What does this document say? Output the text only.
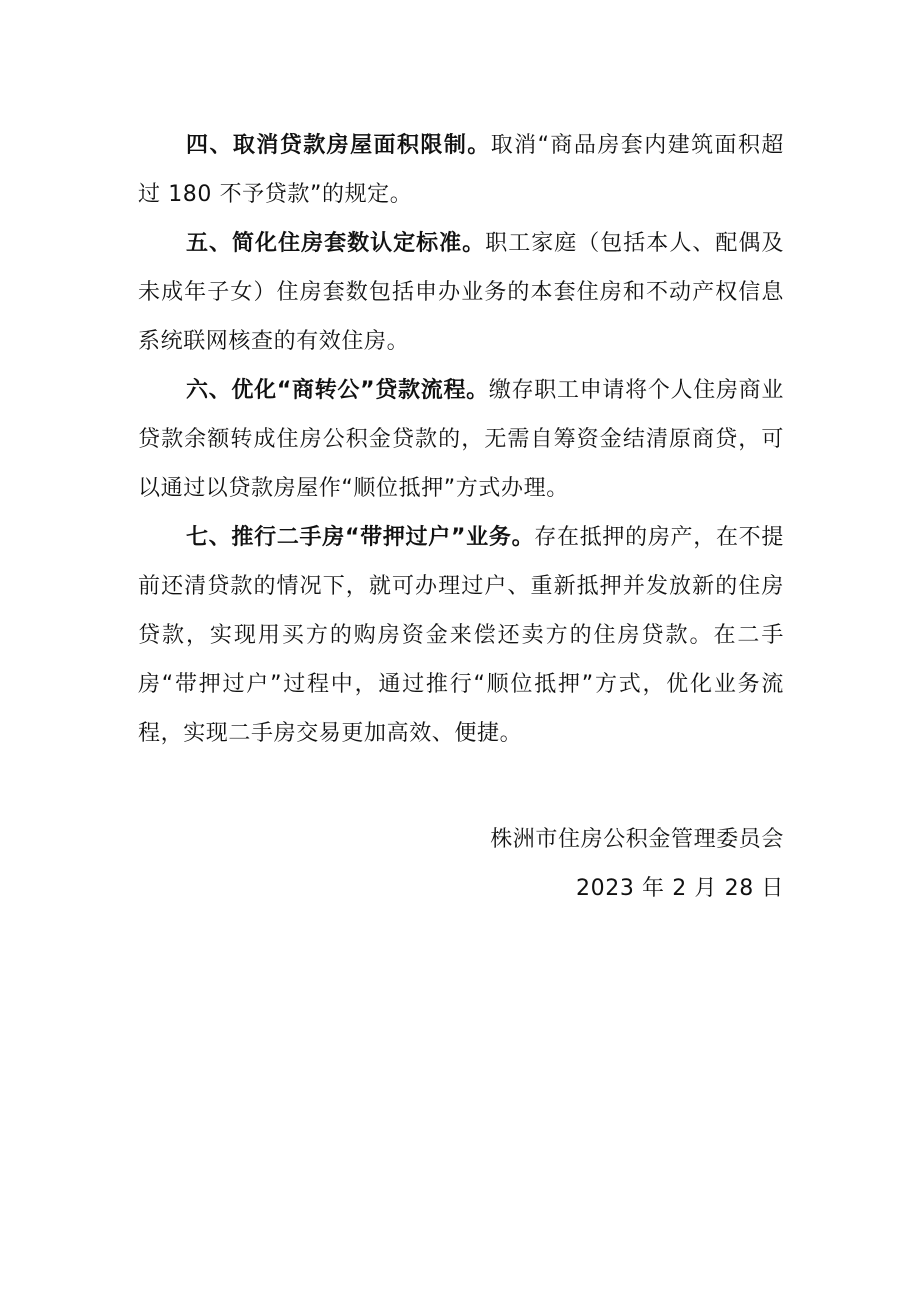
四、取消贷款房屋面积限制。取消“商品房套内建筑面积超过 180 不予贷款”的规定。

五、简化住房套数认定标准。职工家庭（包括本人、配偶及未成年子女）住房套数包括申办业务的本套住房和不动产权信息系统联网核查的有效住房。

六、优化“商转公”贷款流程。缴存职工申请将个人住房商业贷款余额转成住房公积金贷款的，无需自筹资金结清原商贷，可以通过以贷款房屋作“顺位抵押”方式办理。

七、推行二手房“带押过户”业务。存在抵押的房产，在不提前还清贷款的情况下，就可办理过户、重新抵押并发放新的住房贷款，实现用买方的购房资金来偿还卖方的住房贷款。在二手房“带押过户”过程中，通过推行“顺位抵押”方式，优化业务流程，实现二手房交易更加高效、便捷。

株洲市住房公积金管理委员会
2023 年 2 月 28 日
